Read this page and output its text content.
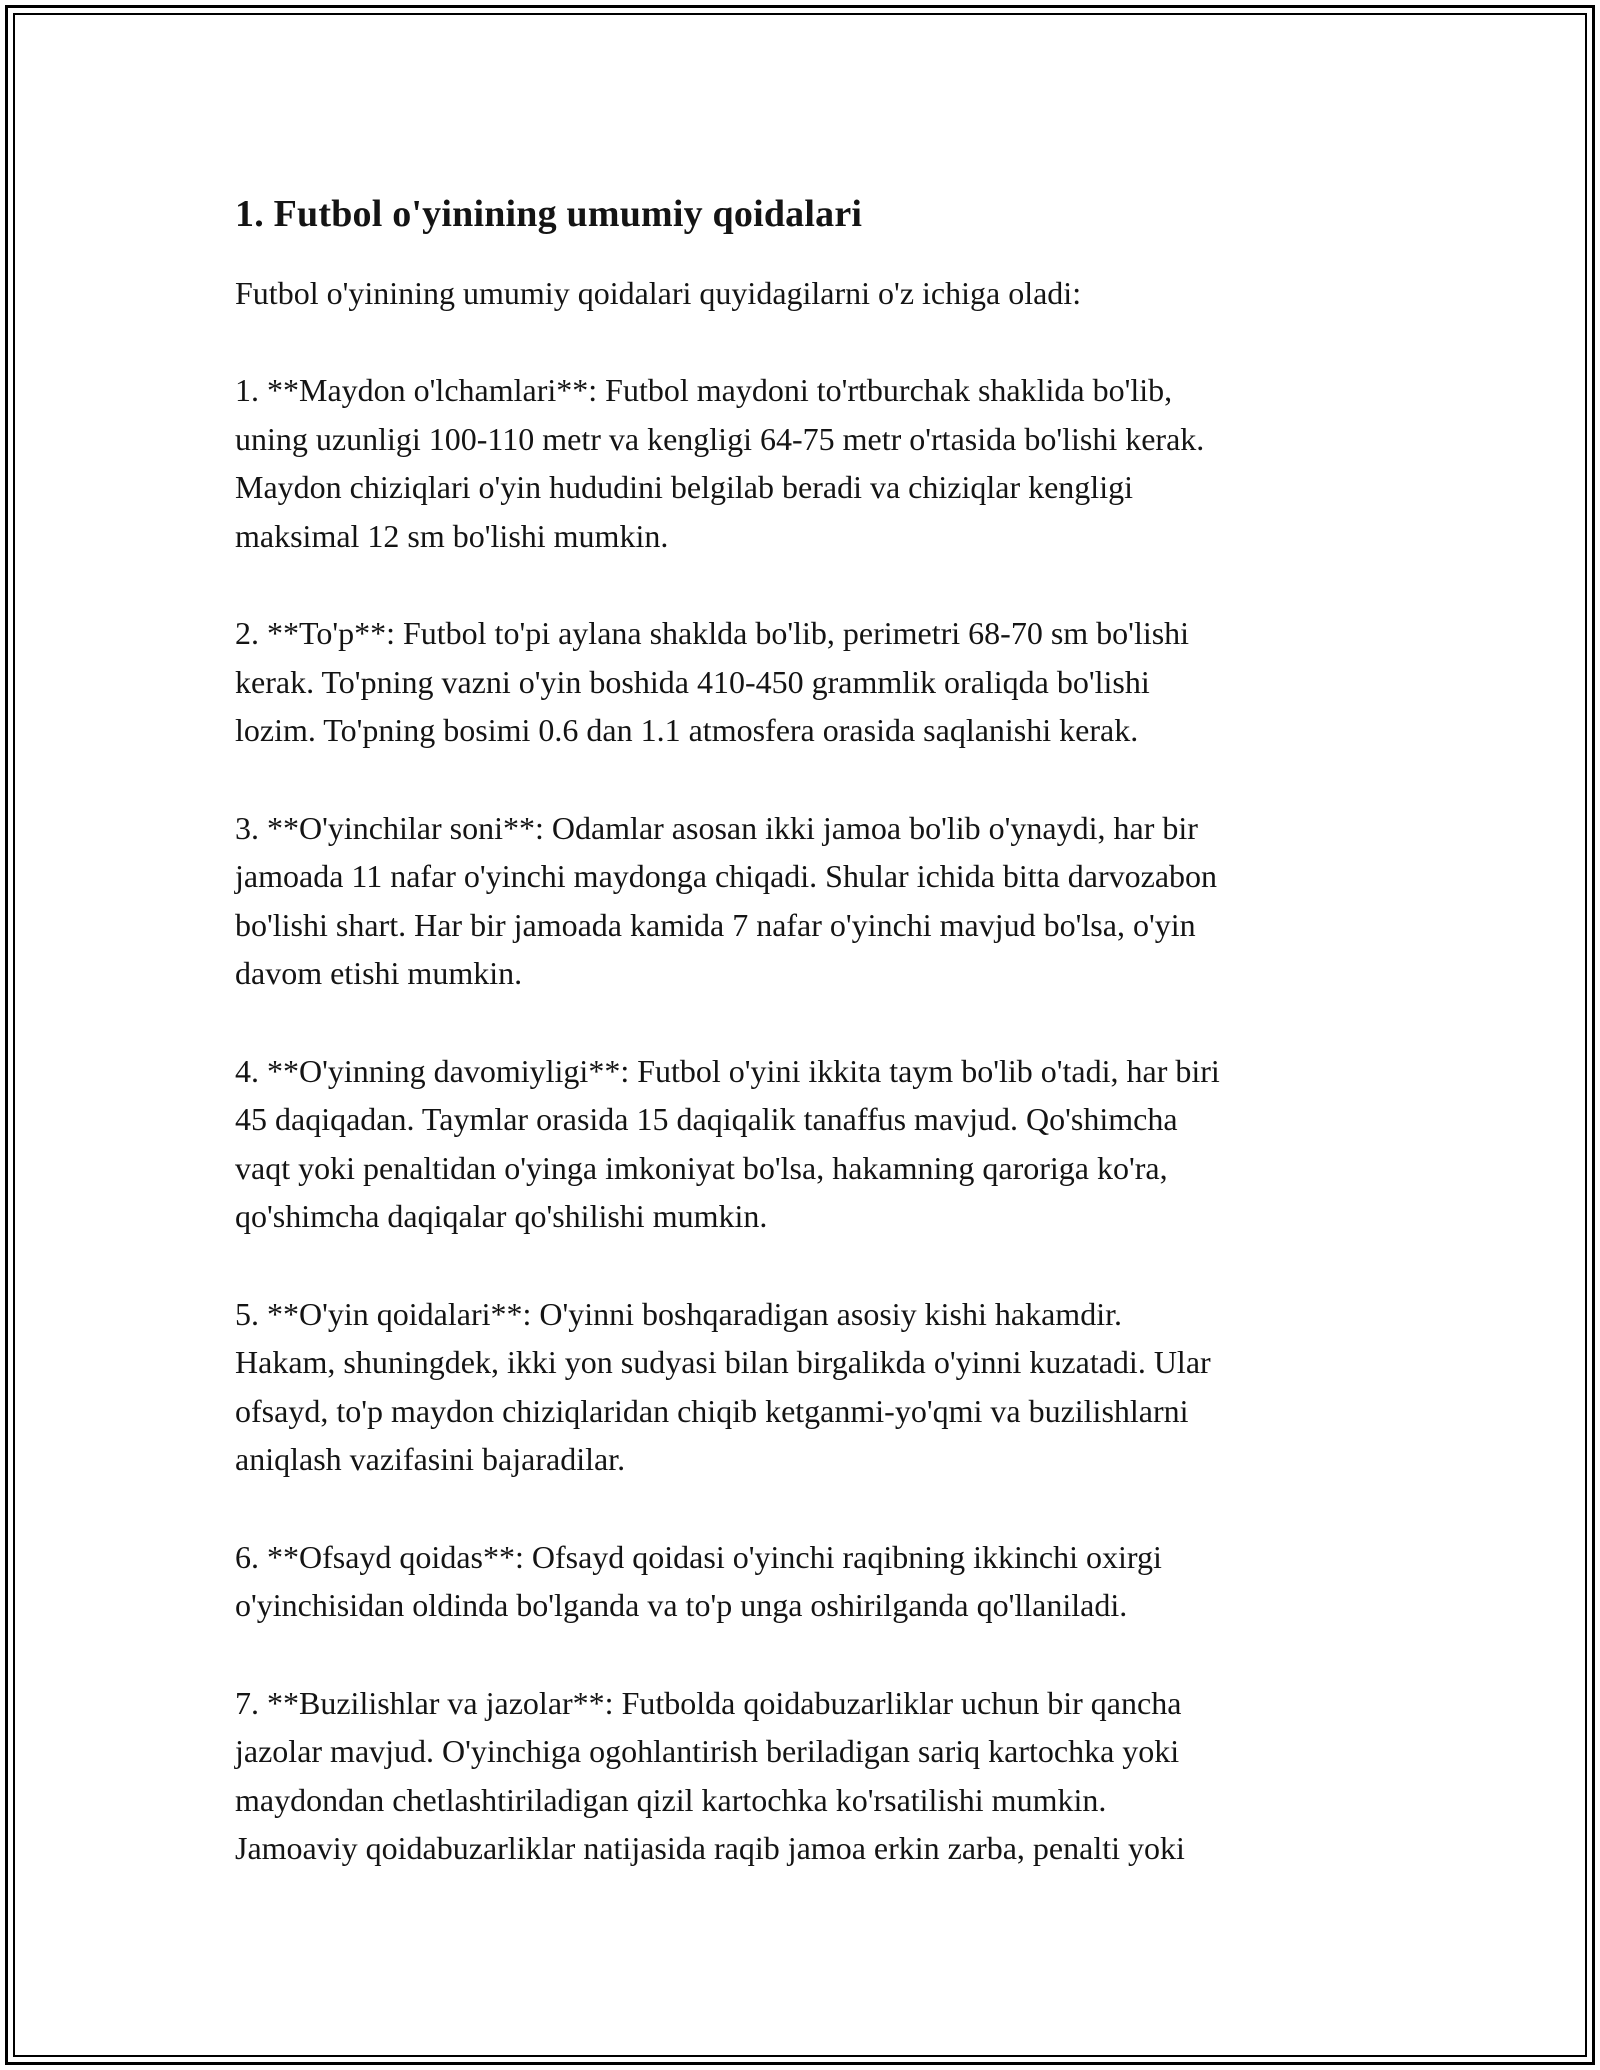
1. Futbol o'yinining umumiy qoidalari

Futbol o'yinining umumiy qoidalari quyidagilarni o'z ichiga oladi:

1. **Maydon o'lchamlari**: Futbol maydoni to'rtburchak shaklida bo'lib,
uning uzunligi 100-110 metr va kengligi 64-75 metr o'rtasida bo'lishi kerak.
Maydon chiziqlari o'yin hududini belgilab beradi va chiziqlar kengligi
maksimal 12 sm bo'lishi mumkin.
2. **To'p**: Futbol to'pi aylana shakldа bo'lib, perimetri 68-70 sm bo'lishi
kerak. To'pning vazni o'yin boshida 410-450 grammlik oraliqda bo'lishi
lozim. To'pning bosimi 0.6 dan 1.1 atmosfera orasida saqlanishi kerak.
3. **O'yinchilar soni**: Odamlar asosan ikki jamoa bo'lib o'ynaydi, har bir
jamoada 11 nafar o'yinchi maydonga chiqadi. Shular ichida bitta darvozabon
bo'lishi shart. Har bir jamoada kamida 7 nafar o'yinchi mavjud bo'lsa, o'yin
davom etishi mumkin.
4. **O'yinning davomiyligi**: Futbol o'yini ikkita taym bo'lib o'tadi, har biri
45 daqiqadan. Taymlar orasida 15 daqiqalik tanaffus mavjud. Qo'shimcha
vaqt yoki penaltidan o'yinga imkoniyat bo'lsa, hakamning qaroriga ko'ra,
qo'shimcha daqiqalar qo'shilishi mumkin.
5. **O'yin qoidalari**: O'yinni boshqaradigan asosiy kishi hakamdir.
Hakam, shuningdek, ikki yon sudyasi bilan birgalikda o'yinni kuzatadi. Ular
ofsayd, to'p maydon chiziqlaridan chiqib ketganmi-yo'qmi va buzilishlarni
aniqlash vazifasini bajaradilar.
6. **Ofsayd qoidas**: Ofsayd qoidasi o'yinchi raqibning ikkinchi oxirgi
o'yinchisidan oldinda bo'lganda va to'p unga oshirilganda qo'llaniladi.
7. **Buzilishlar va jazolar**: Futbolda qoidabuzarliklar uchun bir qancha
jazolar mavjud. O'yinchiga ogohlantirish beriladigan sariq kartochka yoki
maydondan chetlashtiriladigan qizil kartochka ko'rsatilishi mumkin.
Jamoaviy qoidabuzarliklar natijasida raqib jamoa erkin zarba, penalti yoki
